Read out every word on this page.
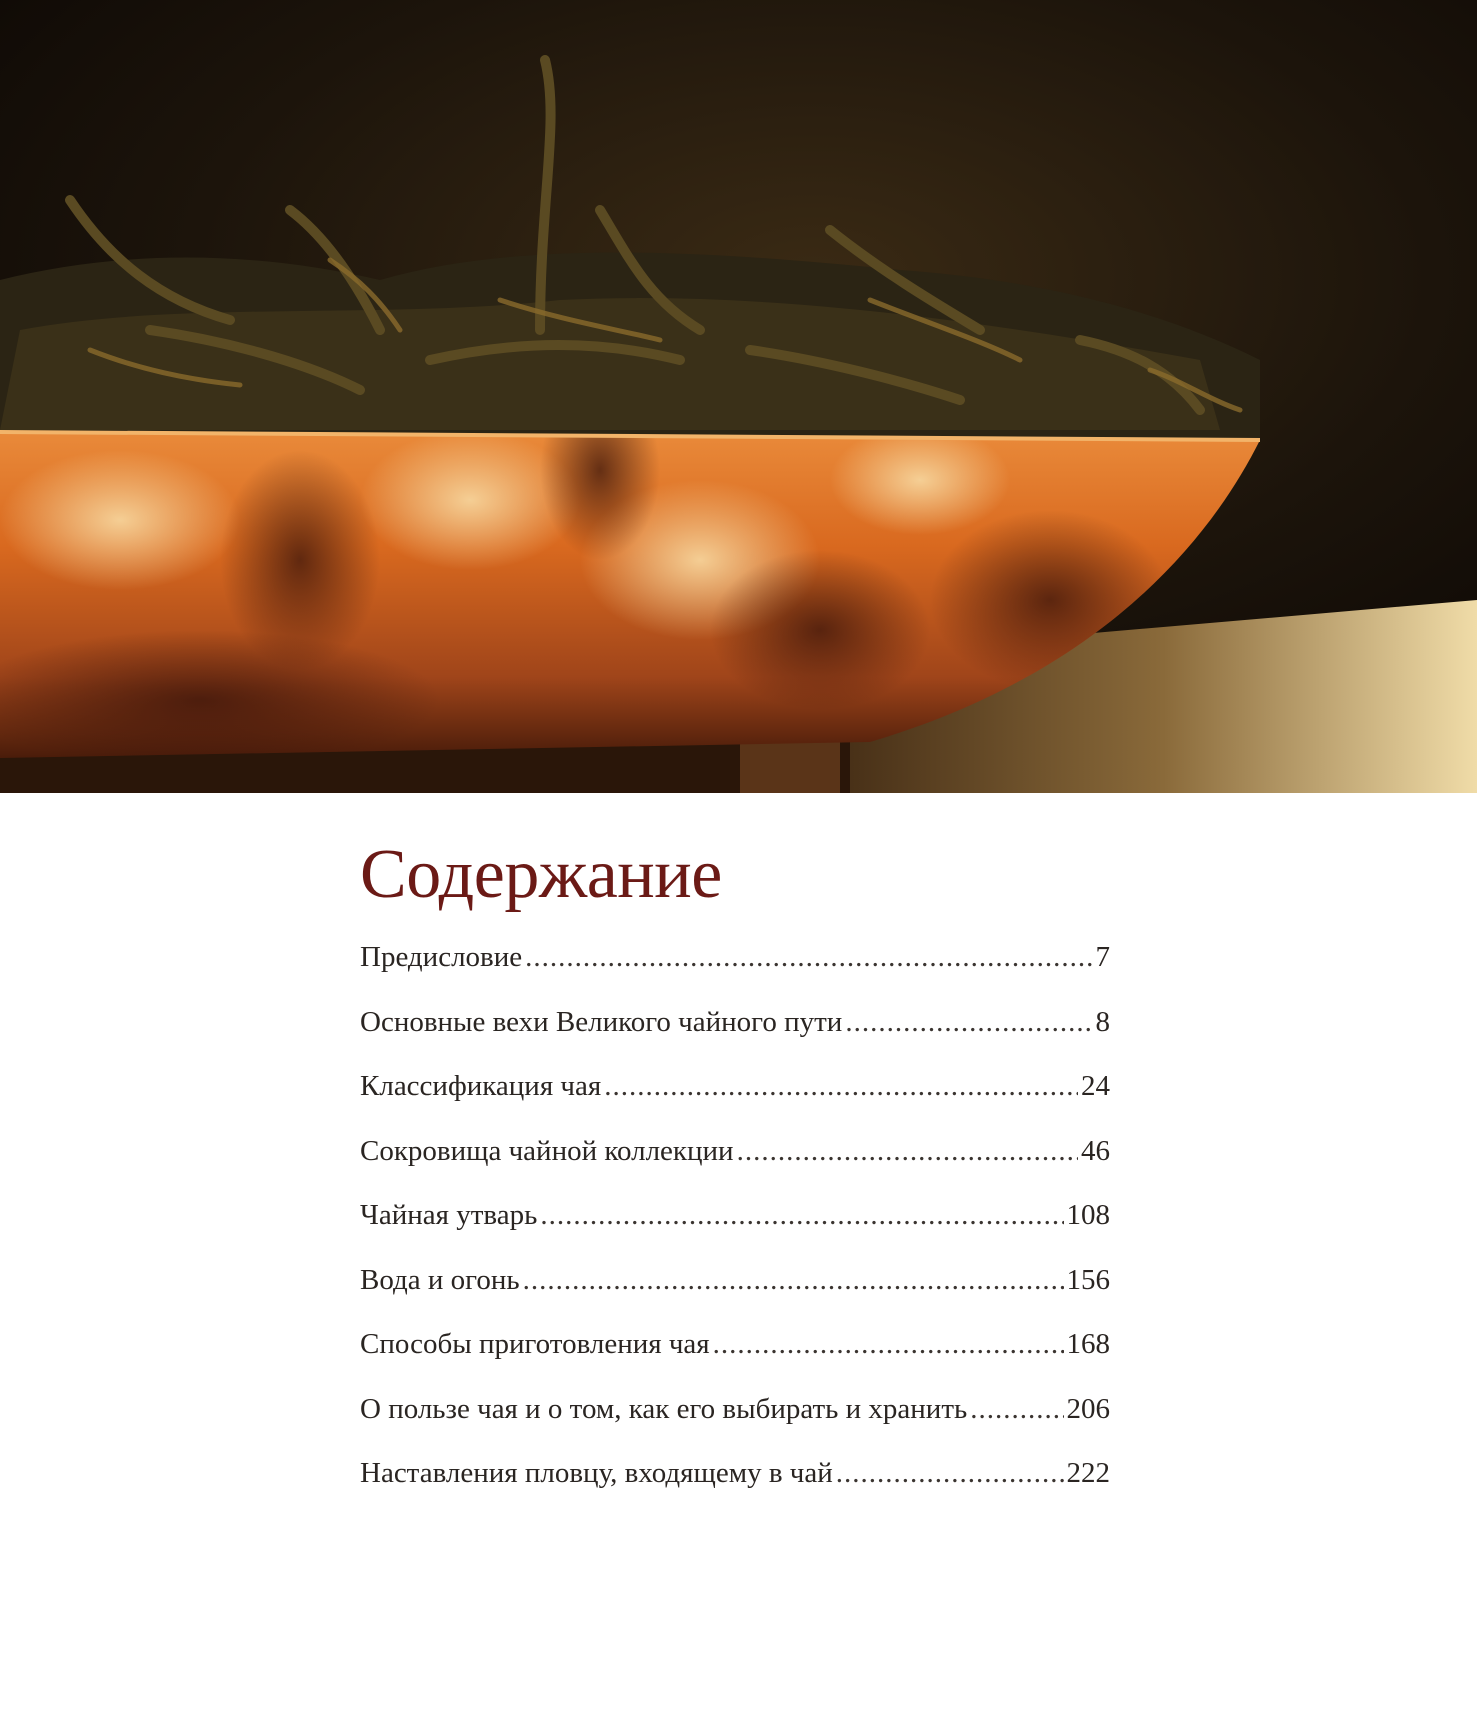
Содержание
Предисловие .....	7
Основные вехи Великого чайного пути .....	8
Классификация чая .....	24
Сокровища чайной коллекции .....	46
Чайная утварь .....	108
Вода и огонь .....	156
Способы приготовления чая .....	168
О пользе чая и о том, как его выбирать и хранить .....	206
Наставления пловцу, входящему в чай .....	222
